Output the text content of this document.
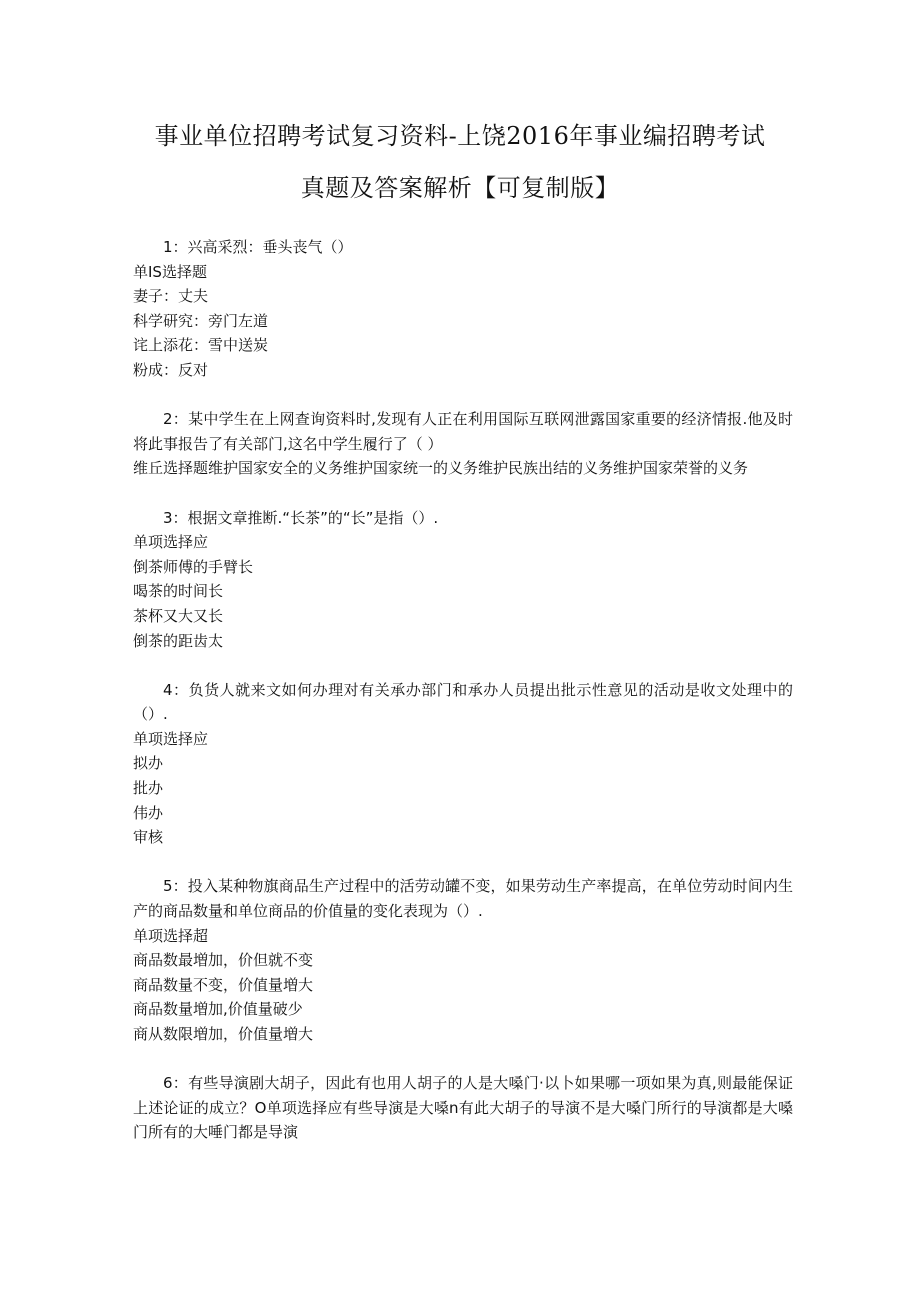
事业单位招聘考试复习资料-上饶2016年事业编招聘考试
真题及答案解析【可复制版】

1：兴高采烈：垂头丧气（）

单IS选择题

妻子：丈夫

科学研究：旁门左道

诧上添花：雪中送炭

粉成：反对

2：某中学生在上网查询资料时,发现有人正在利用国际互联网泄露国家重要的经济情报.他及时将此事报告了有关部门,这名中学生履行了（ ）

维丘选择题维护国家安全的义务维护国家统一的义务维护民族出结的义务维护国家荣誉的义务

3：根据文章推断.“长茶”的“长”是指（）.

单项选择应

倒茶师傅的手臂长

喝茶的时间长

茶杯又大又长

倒茶的距齿太

4：负货人就来文如何办理对有关承办部门和承办人员提出批示性意见的活动是收文处理中的（）.

单项选择应

拟办

批办

伟办

审核

5：投入某种物旗商品生产过程中的活劳动罐不变，如果劳动生产率提高，在单位劳动时间内生产的商品数量和单位商品的价值量的变化表现为（）.

单项选择超

商品数最増加，价但就不变

商品数量不变，价值量増大

商品数量増加,价值量破少

商从数限増加，价值量増大

6：有些导演剧大胡子，因此有也用人胡子的人是大嗓门·以卜如果哪一项如果为真,则最能保证上述论证的成立？O单项选择应有些导演是大嗓n有此大胡子的导演不是大嗓门所行的导演都是大嗓门所有的大唾门都是导演
